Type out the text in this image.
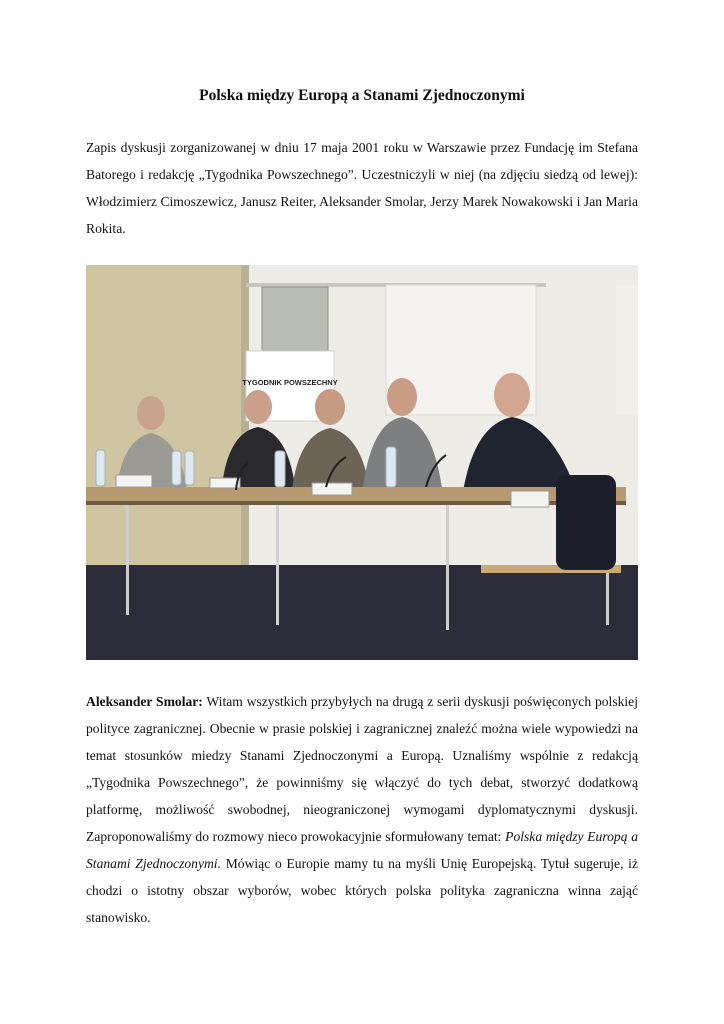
Polska między Europą a Stanami Zjednoczonymi
Zapis dyskusji zorganizowanej w dniu 17 maja 2001 roku w Warszawie przez Fundację im Stefana Batorego i redakcję „Tygodnika Powszechnego”. Uczestniczyli w niej (na zdjęciu siedzą od lewej): Włodzimierz Cimoszewicz, Janusz Reiter, Aleksander Smolar, Jerzy Marek Nowakowski i Jan Maria Rokita.
TYGODNIK POWSZECHNY

Aleksander Smolar: Witam wszystkich przybyłych na drugą z serii dyskusji poświęconych polskiej polityce zagranicznej. Obecnie w prasie polskiej i zagranicznej znaleźć można wiele wypowiedzi na temat stosunków miedzy Stanami Zjednoczonymi a Europą. Uznaliśmy wspólnie z redakcją „Tygodnika Powszechnego”, że powinniśmy się włączyć do tych debat, stworzyć dodatkową platformę, możliwość swobodnej, nieograniczonej wymogami dyplomatycznymi dyskusji. Zaproponowaliśmy do rozmowy nieco prowokacyjnie sformułowany temat: Polska między Europą a Stanami Zjednoczonymi. Mówiąc o Europie mamy tu na myśli Unię Europejską. Tytuł sugeruje, iż chodzi o istotny obszar wyborów, wobec których polska polityka zagraniczna winna zająć stanowisko.
